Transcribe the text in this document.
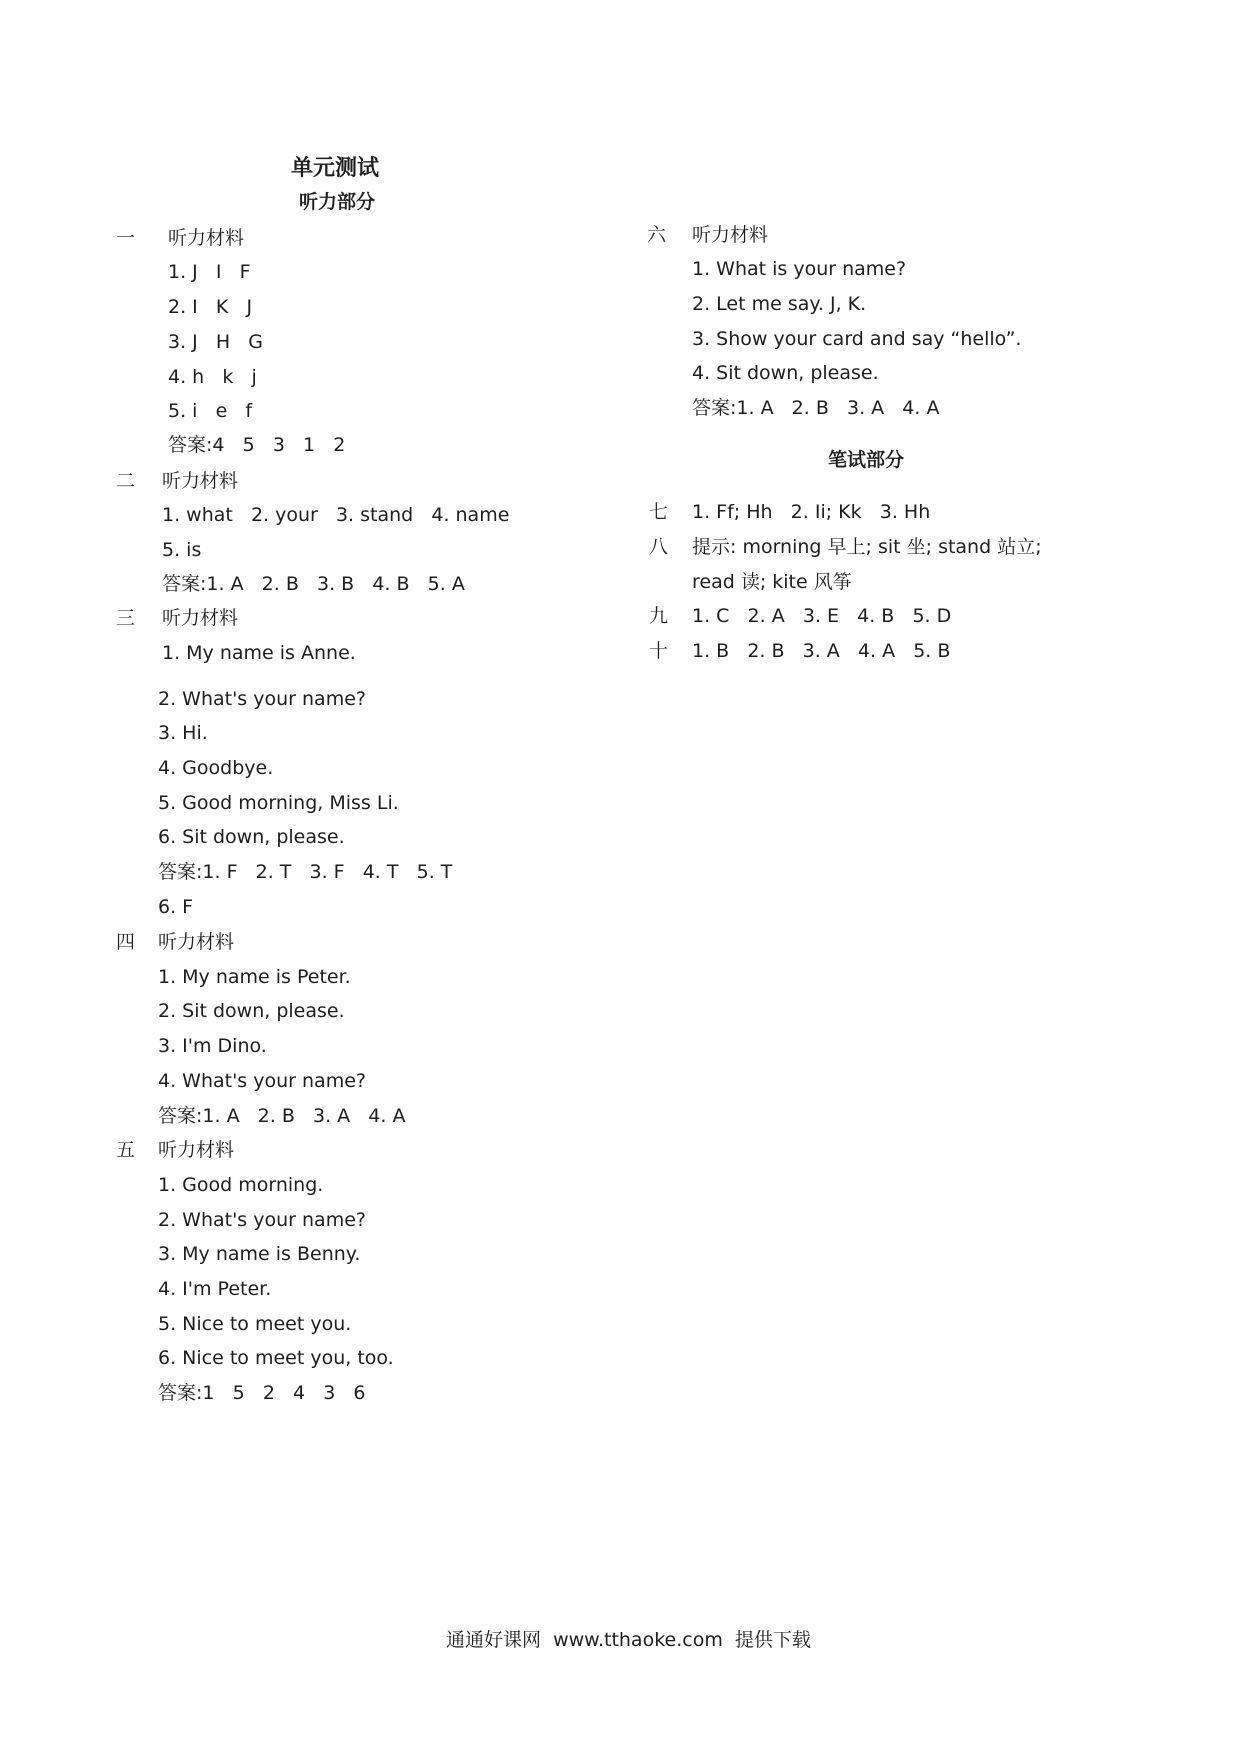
单元测试
听力部分
一 听力材料
1. J   I   F
2. I   K   J
3. J   H   G
4. h   k   j
5. i   e   f
答案:4   5   3   1   2
二 听力材料
1. what   2. your   3. stand   4. name
5. is
答案:1. A   2. B   3. B   4. B   5. A
三 听力材料
1. My name is Anne.
2. What's your name?
3. Hi.
4. Goodbye.
5. Good morning, Miss Li.
6. Sit down, please.
答案:1. F   2. T   3. F   4. T   5. T
6. F
四 听力材料
1. My name is Peter.
2. Sit down, please.
3. I'm Dino.
4. What's your name?
答案:1. A   2. B   3. A   4. A
五 听力材料
1. Good morning.
2. What's your name?
3. My name is Benny.
4. I'm Peter.
5. Nice to meet you.
6. Nice to meet you, too.
答案:1   5   2   4   3   6
六 听力材料
1. What is your name?
2. Let me say. J, K.
3. Show your card and say “hello”.
4. Sit down, please.
答案:1. A   2. B   3. A   4. A
笔试部分
七 1. Ff; Hh   2. Ii; Kk   3. Hh
八 提示: morning 早上; sit 坐; stand 站立;
read 读; kite 风筝
九 1. C   2. A   3. E   4. B   5. D
十 1. B   2. B   3. A   4. A   5. B
通通好课网  www.tthaoke.com  提供下载
